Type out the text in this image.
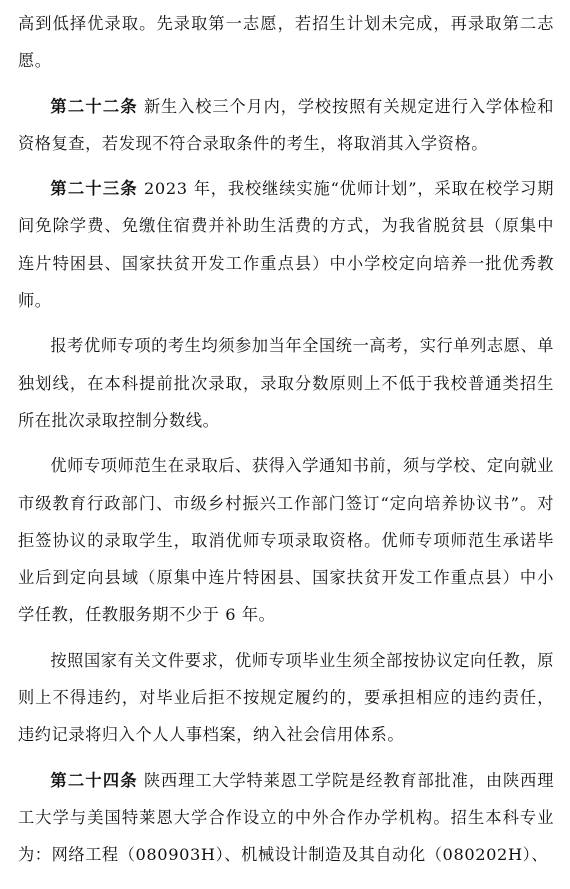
高到低择优录取。先录取第一志愿，若招生计划未完成，再录取第二志愿。

第二十二条 新生入校三个月内，学校按照有关规定进行入学体检和资格复查，若发现不符合录取条件的考生，将取消其入学资格。

第二十三条 2023 年，我校继续实施“优师计划”，采取在校学习期间免除学费、免缴住宿费并补助生活费的方式，为我省脱贫县（原集中连片特困县、国家扶贫开发工作重点县）中小学校定向培养一批优秀教师。

报考优师专项的考生均须参加当年全国统一高考，实行单列志愿、单独划线，在本科提前批次录取，录取分数原则上不低于我校普通类招生所在批次录取控制分数线。

优师专项师范生在录取后、获得入学通知书前，须与学校、定向就业市级教育行政部门、市级乡村振兴工作部门签订“定向培养协议书”。对拒签协议的录取学生，取消优师专项录取资格。优师专项师范生承诺毕业后到定向县域（原集中连片特困县、国家扶贫开发工作重点县）中小学任教，任教服务期不少于 6 年。

按照国家有关文件要求，优师专项毕业生须全部按协议定向任教，原则上不得违约，对毕业后拒不按规定履约的，要承担相应的违约责任，违约记录将归入个人人事档案，纳入社会信用体系。

第二十四条 陕西理工大学特莱恩工学院是经教育部批准，由陕西理工大学与美国特莱恩大学合作设立的中外合作办学机构。招生本科专业为：网络工程（080903H）、机械设计制造及其自动化（080202H）、
